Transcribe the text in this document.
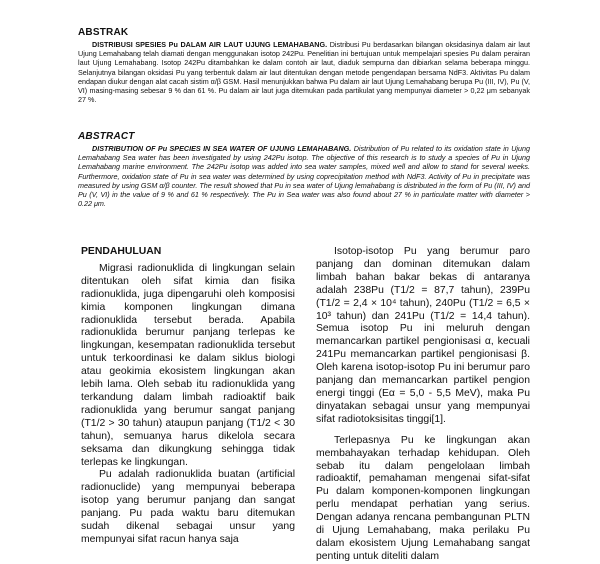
ABSTRAK

DISTRIBUSI SPESIES Pu DALAM AIR LAUT UJUNG LEMAHABANG. Distribusi Pu berdasarkan bilangan oksidasinya dalam air laut Ujung Lemahabang telah diamati dengan menggunakan isotop 242Pu. Penelitian ini bertujuan untuk mempelajari spesies Pu dalam perairan laut Ujung Lemahabang. Isotop 242Pu ditambahkan ke dalam contoh air laut, diaduk sempurna dan dibiarkan selama beberapa minggu. Selanjutnya bilangan oksidasi Pu yang terbentuk dalam air laut ditentukan dengan metode pengendapan bersama NdF3. Aktivitas Pu dalam endapan diukur dengan alat cacah sistim α/β GSM. Hasil menunjukkan bahwa Pu dalam air laut Ujung Lemahabang berupa Pu (III, IV), Pu (V, VI) masing-masing sebesar 9 % dan 61 %. Pu dalam air laut juga ditemukan pada partikulat yang mempunyai diameter > 0,22 μm sebanyak 27 %.

ABSTRACT

DISTRIBUTION OF Pu SPECIES IN SEA WATER OF UJUNG LEMAHABANG. Distribution of Pu related to its oxidation state in Ujung Lemahabang Sea water has been investigated by using 242Pu isotop. The objective of this research is to study a species of Pu in Ujung Lemahabang marine environment. The 242Pu isotop was added into sea water samples, mixed well and allow to stand for several weeks. Furthermore, oxidation state of Pu in sea water was determined by using coprecipitation method with NdF3. Activity of Pu in precipitate was measured by using GSM α/β counter. The result showed that Pu in sea water of Ujung lemahabang is distributed in the form of Pu (III, IV) and Pu (V, VI) in the value of 9 % and 61 % respectively. The Pu in Sea water was also found about 27 % in particulate matter with diameter > 0.22 μm.

PENDAHULUAN

Migrasi radionuklida di lingkungan selain ditentukan oleh sifat kimia dan fisika radionuklida, juga dipengaruhi oleh komposisi kimia komponen lingkungan dimana radionuklida tersebut berada. Apabila radionuklida berumur panjang terlepas ke lingkungan, kesempatan radionuklida tersebut untuk terkoordinasi ke dalam siklus biologi atau geokimia ekosistem lingkungan akan lebih lama. Oleh sebab itu radionuklida yang terkandung dalam limbah radioaktif baik radionuklida yang berumur sangat panjang (T1/2 > 30 tahun) ataupun panjang (T1/2 < 30 tahun), semuanya harus dikelola secara seksama dan dikungkung sehingga tidak terlepas ke lingkungan.

Pu adalah radionuklida buatan (artificial radionuclide) yang mempunyai beberapa isotop yang berumur panjang dan sangat panjang. Pu pada waktu baru ditemukan sudah dikenal sebagai unsur yang mempunyai sifat racun hanya saja

Isotop-isotop Pu yang berumur paro panjang dan dominan ditemukan dalam limbah bahan bakar bekas di antaranya adalah 238Pu (T1/2 = 87,7 tahun), 239Pu (T1/2 = 2,4 × 10⁴ tahun), 240Pu (T1/2 = 6,5 × 10³ tahun) dan 241Pu (T1/2 = 14,4 tahun). Semua isotop Pu ini meluruh dengan memancarkan partikel pengionisasi α, kecuali 241Pu memancarkan partikel pengionisasi β. Oleh karena isotop-isotop Pu ini berumur paro panjang dan memancarkan partikel pengion energi tinggi (Eα = 5,0 - 5,5 MeV), maka Pu dinyatakan sebagai unsur yang mempunyai sifat radiotoksisitas tinggi[1].

Terlepasnya Pu ke lingkungan akan membahayakan terhadap kehidupan. Oleh sebab itu dalam pengelolaan limbah radioaktif, pemahaman mengenai sifat-sifat Pu dalam komponen-komponen lingkungan perlu mendapat perhatian yang serius. Dengan adanya rencana pembangunan PLTN di Ujung Lemahabang, maka perilaku Pu dalam ekosistem Ujung Lemahabang sangat penting untuk diteliti dalam
